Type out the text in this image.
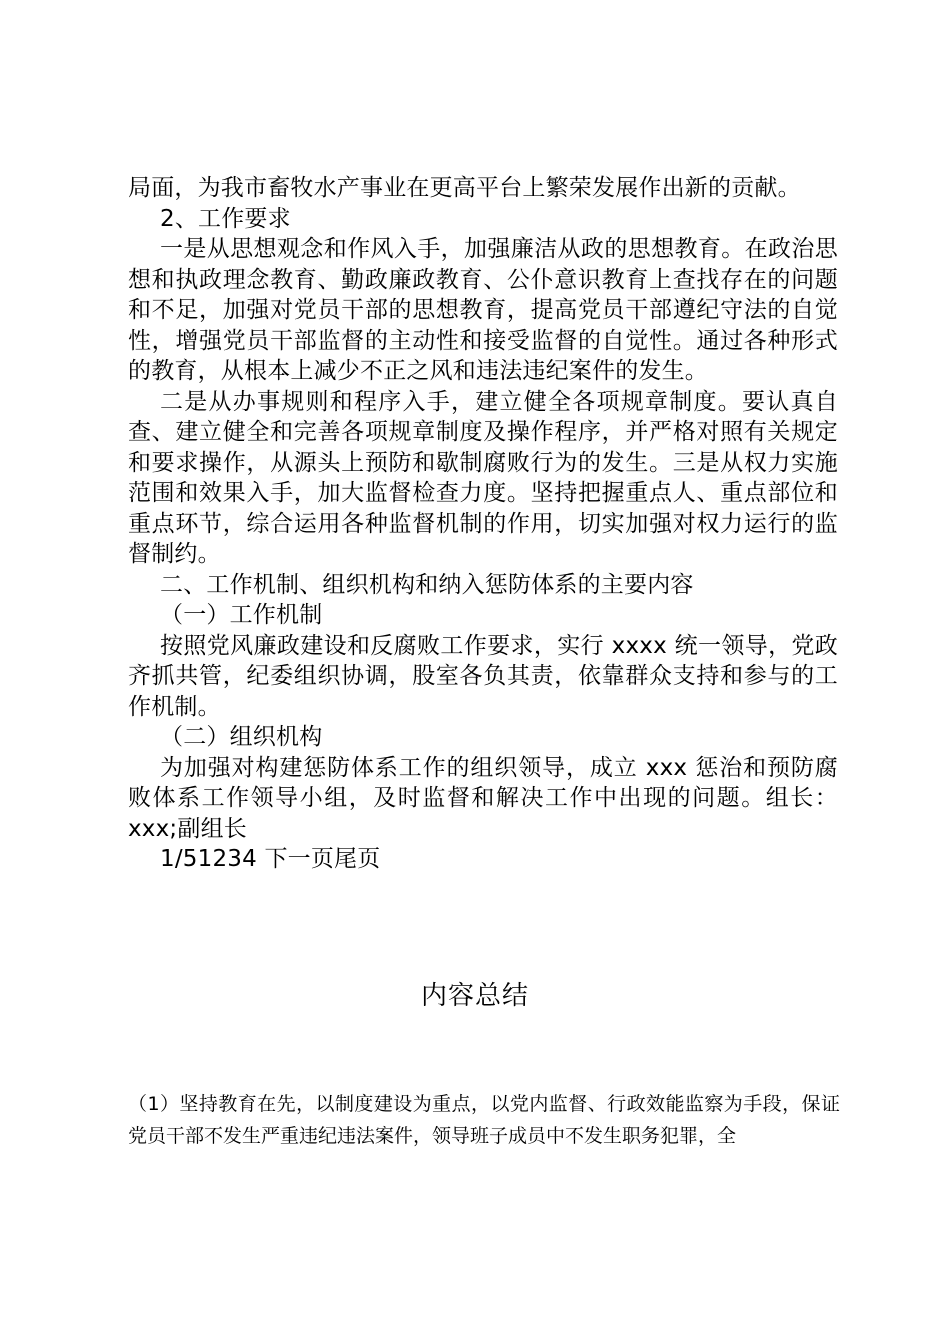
局面，为我市畜牧水产事业在更高平台上繁荣发展作出新的贡献。

2、工作要求

一是从思想观念和作风入手，加强廉洁从政的思想教育。在政治思想和执政理念教育、勤政廉政教育、公仆意识教育上查找存在的问题和不足，加强对党员干部的思想教育，提高党员干部遵纪守法的自觉性，增强党员干部监督的主动性和接受监督的自觉性。通过各种形式的教育，从根本上减少不正之风和违法违纪案件的发生。

二是从办事规则和程序入手，建立健全各项规章制度。要认真自查、建立健全和完善各项规章制度及操作程序，并严格对照有关规定和要求操作，从源头上预防和歇制腐败行为的发生。三是从权力实施范围和效果入手，加大监督检查力度。坚持把握重点人、重点部位和重点环节，综合运用各种监督机制的作用，切实加强对权力运行的监督制约。

二、工作机制、组织机构和纳入惩防体系的主要内容

（一）工作机制

按照党风廉政建设和反腐败工作要求，实行 xxxx 统一领导，党政齐抓共管，纪委组织协调，股室各负其责，依靠群众支持和参与的工作机制。

（二）组织机构

为加强对构建惩防体系工作的组织领导，成立 xxx 惩治和预防腐败体系工作领导小组，及时监督和解决工作中出现的问题。组长：xxx;副组长

1/51234 下一页尾页

内容总结

（1）坚持教育在先，以制度建设为重点，以党内监督、行政效能监察为手段，保证党员干部不发生严重违纪违法案件，领导班子成员中不发生职务犯罪，全
